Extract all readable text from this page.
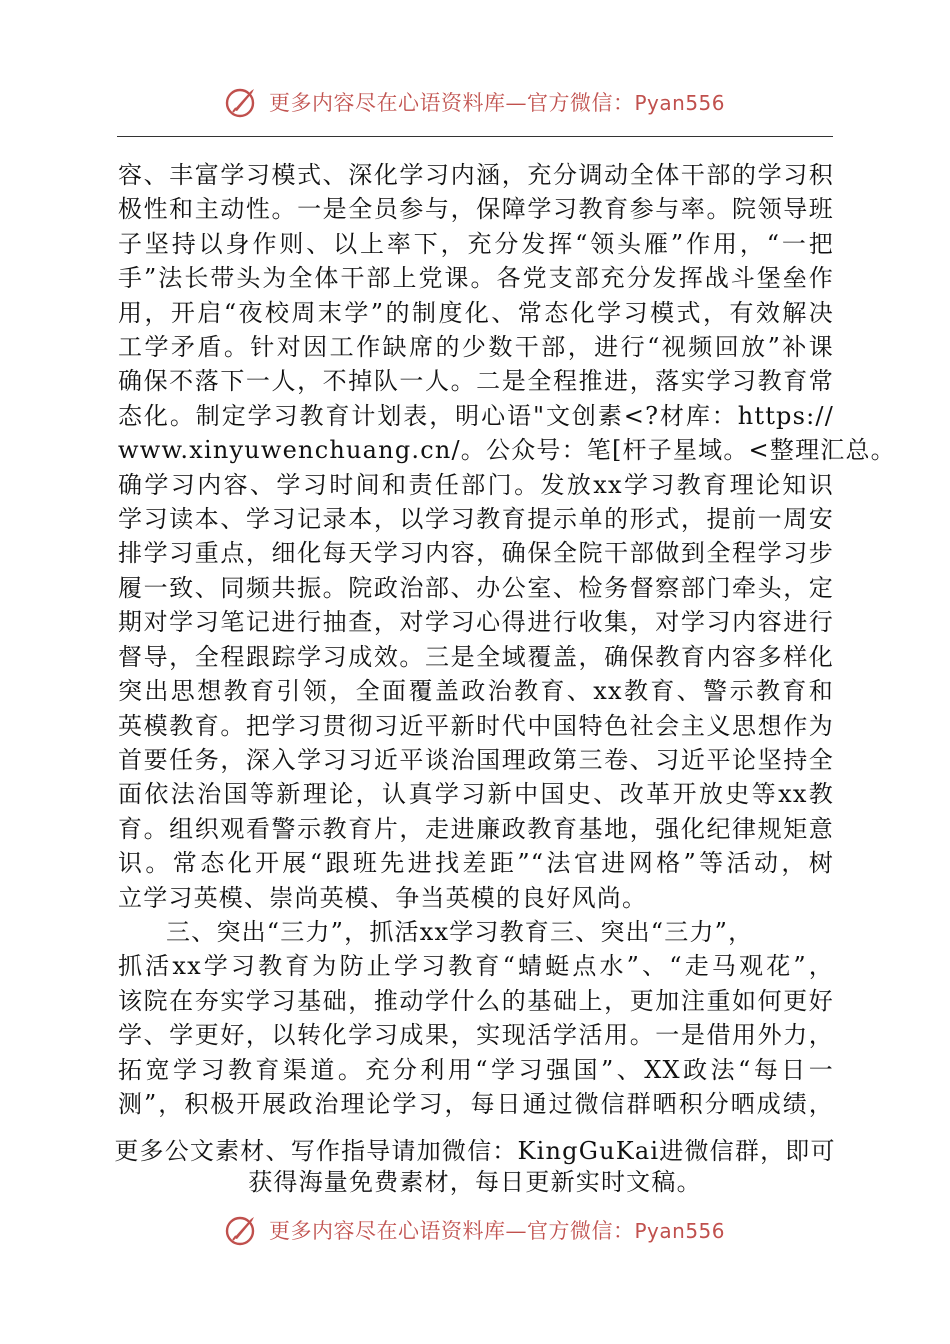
更多内容尽在心语资料库—官方微信：Pyan556
容、丰富学习模式、深化学习内涵，充分调动全体干部的学习积
极性和主动性。一是全员参与，保障学习教育参与率。院领导班
子坚持以身作则、以上率下，充分发挥“领头雁”作用，“一把
手”法长带头为全体干部上党课。各党支部充分发挥战斗堡垒作
用，开启“夜校周末学”的制度化、常态化学习模式，有效解决
工学矛盾。针对因工作缺席的少数干部，进行“视频回放”补课
确保不落下一人，不掉队一人。二是全程推进，落实学习教育常
态化。制定学习教育计划表，明心语"文创素<?材库：https://
www.xinyuwenchuang.cn/。公众号：笔[杆子星域。<整理汇总。
确学习内容、学习时间和责任部门。发放xx学习教育理论知识
学习读本、学习记录本，以学习教育提示单的形式，提前一周安
排学习重点，细化每天学习内容，确保全院干部做到全程学习步
履一致、同频共振。院政治部、办公室、检务督察部门牵头，定
期对学习笔记进行抽查，对学习心得进行收集，对学习内容进行
督导，全程跟踪学习成效。三是全域覆盖，确保教育内容多样化
突出思想教育引领，全面覆盖政治教育、xx教育、警示教育和
英模教育。把学习贯彻习近平新时代中国特色社会主义思想作为
首要任务，深入学习习近平谈治国理政第三卷、习近平论坚持全
面依法治国等新理论，认真学习新中国史、改革开放史等xx教
育。组织观看警示教育片，走进廉政教育基地，强化纪律规矩意
识。常态化开展“跟班先进找差距”“法官进网格”等活动，树
立学习英模、崇尚英模、争当英模的良好风尚。
三、突出“三力”，抓活xx学习教育三、突出“三力”，
抓活xx学习教育为防止学习教育“蜻蜓点水”、“走马观花”，
该院在夯实学习基础，推动学什么的基础上，更加注重如何更好
学、学更好，以转化学习成果，实现活学活用。一是借用外力，
拓宽学习教育渠道。充分利用“学习强国”、XX政法“每日一
测”，积极开展政治理论学习，每日通过微信群晒积分晒成绩，
更多公文素材、写作指导请加微信：KingGuKai进微信群，即可
获得海量免费素材，每日更新实时文稿。
更多内容尽在心语资料库—官方微信：Pyan556
